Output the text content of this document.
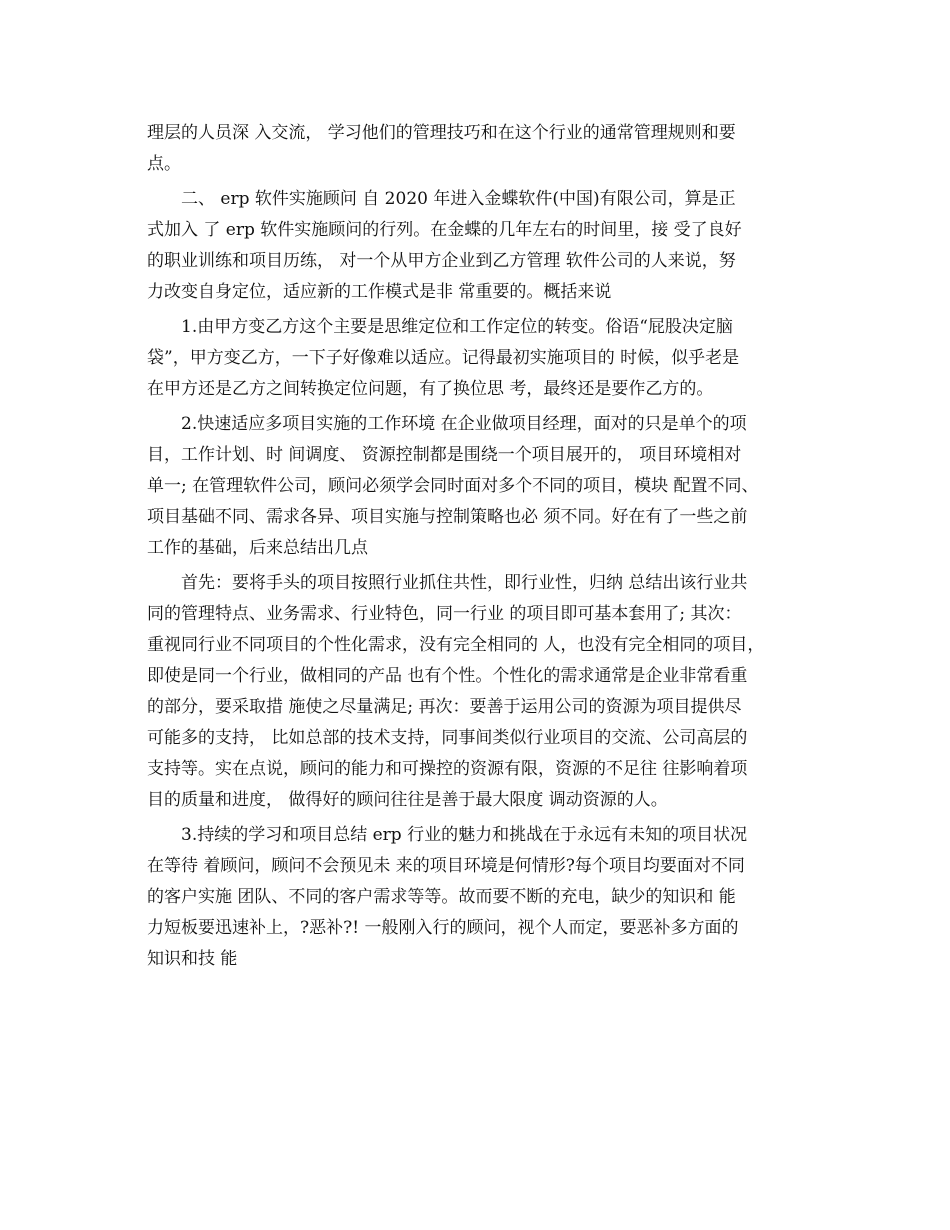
理层的人员深 入交流， 学习他们的管理技巧和在这个行业的通常管理规则和要
点。
二、 erp 软件实施顾问 自 2020 年进入金蝶软件(中国)有限公司，算是正
式加入 了 erp 软件实施顾问的行列。在金蝶的几年左右的时间里，接 受了良好
的职业训练和项目历练， 对一个从甲方企业到乙方管理 软件公司的人来说，努
力改变自身定位，适应新的工作模式是非 常重要的。概括来说
1.由甲方变乙方这个主要是思维定位和工作定位的转变。俗语“屁股决定脑
袋”，甲方变乙方，一下子好像难以适应。记得最初实施项目的 时候，似乎老是
在甲方还是乙方之间转换定位问题，有了换位思 考，最终还是要作乙方的。
2.快速适应多项目实施的工作环境 在企业做项目经理，面对的只是单个的项
目，工作计划、时 间调度、 资源控制都是围绕一个项目展开的， 项目环境相对
单一; 在管理软件公司，顾问必须学会同时面对多个不同的项目，模块 配置不同、
项目基础不同、需求各异、项目实施与控制策略也必 须不同。好在有了一些之前
工作的基础，后来总结出几点
首先：要将手头的项目按照行业抓住共性，即行业性，归纳 总结出该行业共
同的管理特点、业务需求、行业特色，同一行业 的项目即可基本套用了; 其次：
重视同行业不同项目的个性化需求，没有完全相同的 人，也没有完全相同的项目，
即使是同一个行业，做相同的产品 也有个性。个性化的需求通常是企业非常看重
的部分，要采取措 施使之尽量满足; 再次：要善于运用公司的资源为项目提供尽
可能多的支持， 比如总部的技术支持，同事间类似行业项目的交流、公司高层的
支持等。实在点说，顾问的能力和可操控的资源有限，资源的不足往 往影响着项
目的质量和进度， 做得好的顾问往往是善于最大限度 调动资源的人。
3.持续的学习和项目总结 erp 行业的魅力和挑战在于永远有未知的项目状况
在等待 着顾问，顾问不会预见未 来的项目环境是何情形?每个项目均要面对不同
的客户实施 团队、不同的客户需求等等。故而要不断的充电，缺少的知识和 能
力短板要迅速补上，?恶补?! 一般刚入行的顾问，视个人而定，要恶补多方面的
知识和技 能
